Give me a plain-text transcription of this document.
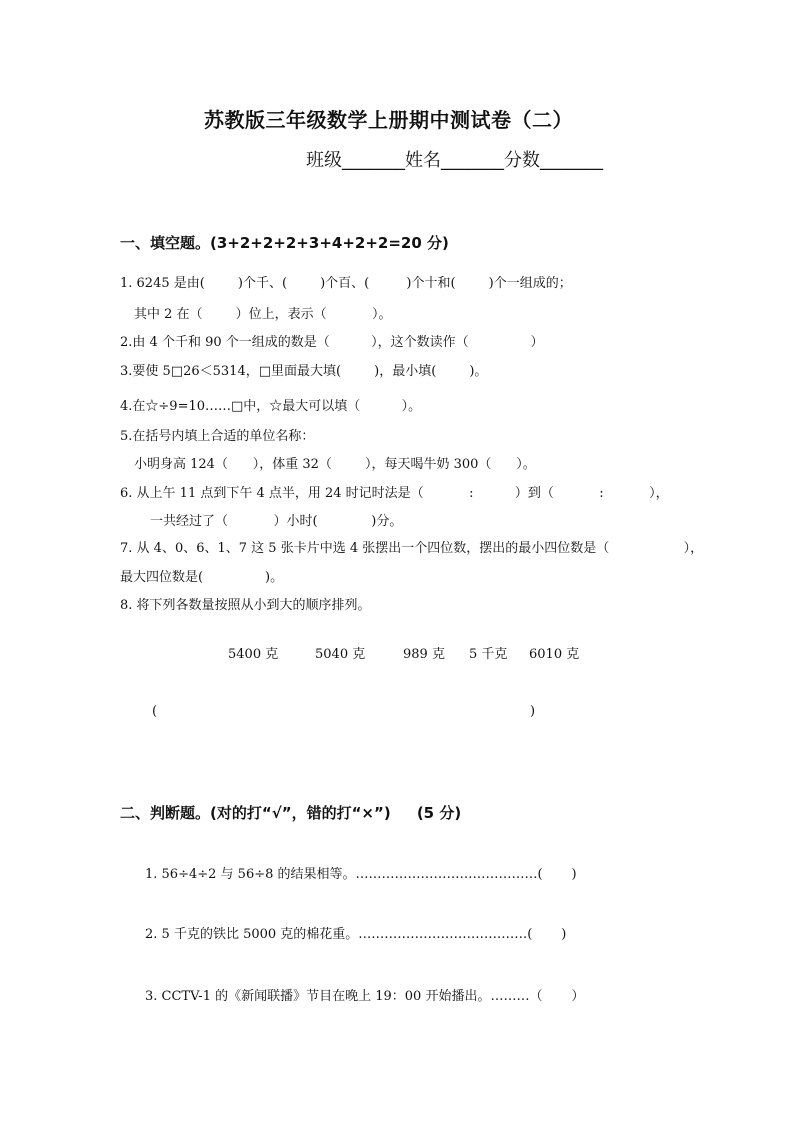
苏教版三年级数学上册期中测试卷（二）
班级_______姓名_______分数_______
一、填空题。(3+2+2+2+3+4+2+2=20 分)
1. 6245 是由(        )个千、(        )个百、(         )个十和(        )个一组成的；
其中 2 在（        ）位上，表示（           ）。
2.由 4 个千和 90 个一组成的数是（          ），这个数读作（               ）
3.要使 5□26＜5314，□里面最大填(        )，最小填(        )。
4.在☆÷9=10……□中，☆最大可以填（          ）。
5.在括号内填上合适的单位名称：
小明身高 124（      ），体重 32（        ），每天喝牛奶 300（      ）。
6. 从上午 11 点到下午 4 点半，用 24 时记时法是（           :          ）到（           :           ），
一共经过了（           ）小时(             )分。
7. 从 4、0、6、1、7 这 5 张卡片中选 4 张摆出一个四位数，摆出的最小四位数是（                  ），
最大四位数是(               )。
8. 将下列各数量按照从小到大的顺序排列。
5400 克	5040 克	989 克 5 千克 6010 克
(	)
二、判断题。(对的打“√”，错的打“×”)     (5 分)
1. 56÷4÷2 与 56÷8 的结果相等。……………………………………(       )
2. 5 千克的铁比 5000 克的棉花重。…………………………………(       )
3. CCTV-1 的《新闻联播》节目在晚上 19：00 开始播出。………（       ）
